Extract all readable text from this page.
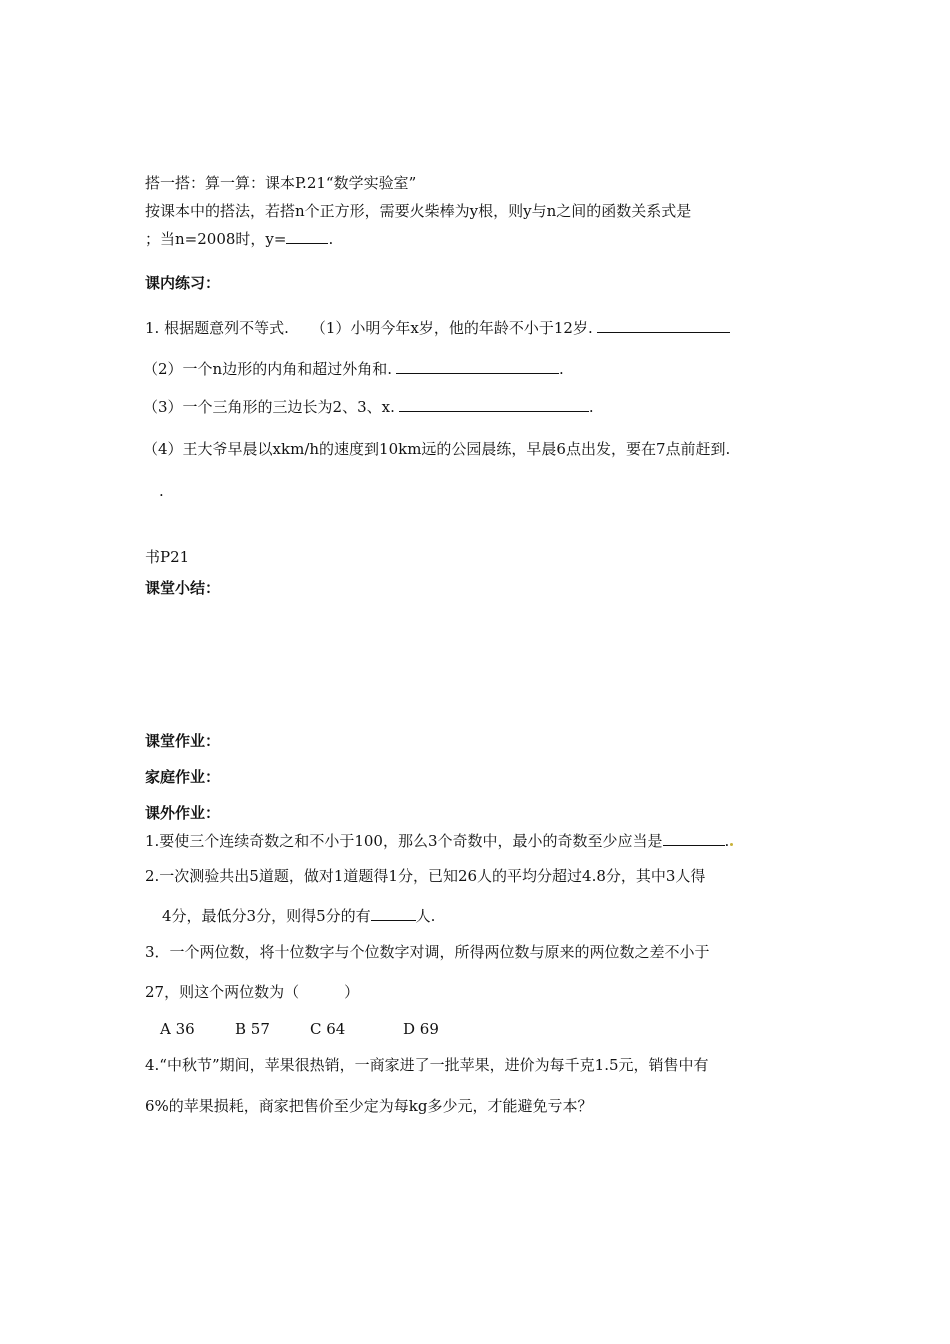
搭一搭：算一算：课本P.21“数学实验室”
按课本中的搭法，若搭n个正方形，需要火柴棒为y根，则y与n之间的函数关系式是
；当n=2008时，y=	.
课内练习：
1. 根据题意列不等式. （1）小明今年x岁，他的年龄不小于12岁.
（2）一个n边形的内角和超过外角和.	.
（3）一个三角形的三边长为2、3、x.	.
（4）王大爷早晨以xkm/h的速度到10km远的公园晨练，早晨6点出发，要在7点前赶到.
.
书P21
课堂小结：
课堂作业：
家庭作业：
课外作业：
1.要使三个连续奇数之和不小于100，那么3个奇数中，最小的奇数至少应当是	.
2.一次测验共出5道题，做对1道题得1分，已知26人的平均分超过4.8分，其中3人得
4分，最低分3分，则得5分的有	人.
3．一个两位数，将十位数字与个位数字对调，所得两位数与原来的两位数之差不小于
27，则这个两位数为（　　　）
A 36	B 57	C 64	D 69
4.“中秋节”期间，苹果很热销，一商家进了一批苹果，进价为每千克1.5元，销售中有
6%的苹果损耗，商家把售价至少定为每kg多少元，才能避免亏本？
